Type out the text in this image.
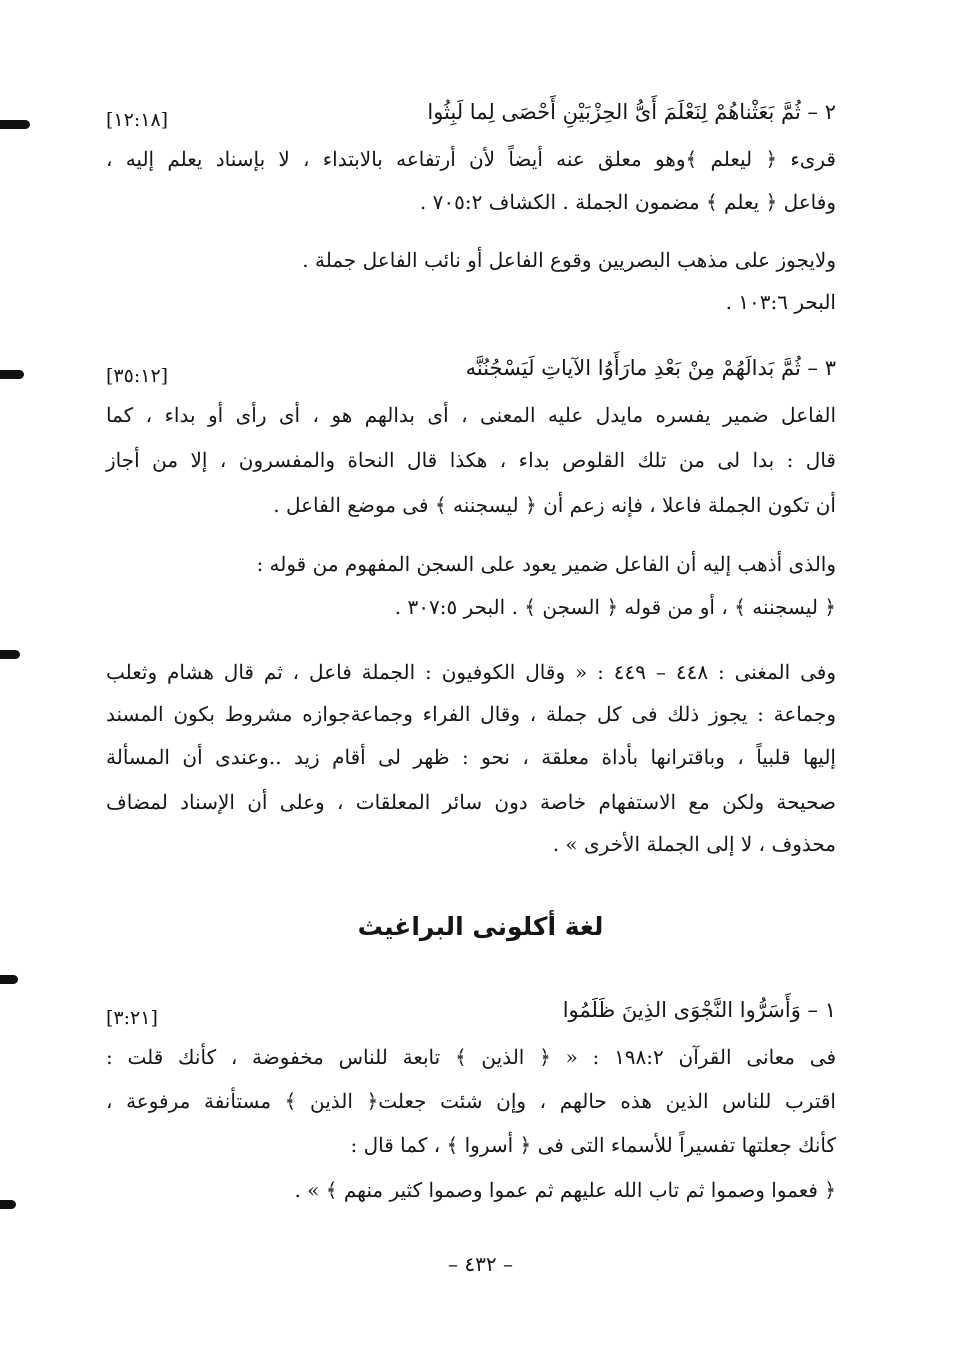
٢ – ثُمَّ بَعَثْناهُمْ لِنَعْلَمَ أَىُّ الحِزْبَيْنِ أَحْصَى لِما لَبِثُوا
[١٢:١٨]
قرىء ﴿ ليعلم ﴾وهو معلق عنه أيضاً لأن أرتفاعه بالابتداء ، لا بإسناد يعلم إليه ،
وفاعل ﴿ يعلم ﴾ مضمون الجملة . الكشاف ٧٠٥:٢ .
ولايجوز على مذهب البصريين وقوع الفاعل أو نائب الفاعل جملة .
البحر ١٠٣:٦ .
٣ – ثُمَّ بَدالَهُمْ مِنْ بَعْدِ مارَأَوُا الآياتِ لَيَسْجُنُنَّه
[٣٥:١٢]
الفاعل ضمير يفسره مايدل عليه المعنى ، أى بدالهم هو ، أى رأى أو بداء ، كما
قال : بدا لى من تلك القلوص بداء ، هكذا قال النحاة والمفسرون ، إلا من أجاز
أن تكون الجملة فاعلا ، فإنه زعم أن ﴿ ليسجننه ﴾ فى موضع الفاعل .
والذى أذهب إليه أن الفاعل ضمير يعود على السجن المفهوم من قوله :
﴿ ليسجننه ﴾ ، أو من قوله ﴿ السجن ﴾ . البحر ٣٠٧:٥ .
وفى المغنى : ٤٤٨ – ٤٤٩ : « وقال الكوفيون : الجملة فاعل ، ثم قال هشام وثعلب
وجماعة : يجوز ذلك فى كل جملة ، وقال الفراء وجماعةجوازه مشروط بكون المسند
إليها قلبياً ، وباقترانها بأداة معلقة ، نحو : ظهر لى أقام زيد ..وعندى أن المسألة
صحيحة ولكن مع الاستفهام خاصة دون سائر المعلقات ، وعلى أن الإسناد لمضاف
محذوف ، لا إلى الجملة الأخرى » .
لغة أكلونى البراغيث
١ – وَأَسَرُّوا النَّجْوَى الذِينَ ظَلَمُوا
[٣:٢١]
فى معانى القرآن ١٩٨:٢ : « ﴿ الذين ﴾ تابعة للناس مخفوضة ، كأنك قلت :
اقترب للناس الذين هذه حالهم ، وإن شئت جعلت﴿ الذين ﴾ مستأنفة مرفوعة ،
كأنك جعلتها تفسيراً للأسماء التى فى ﴿ أسروا ﴾ ، كما قال :
﴿ فعموا وصموا ثم تاب الله عليهم ثم عموا وصموا كثير منهم ﴾ » .
– ٤٣٢ –
